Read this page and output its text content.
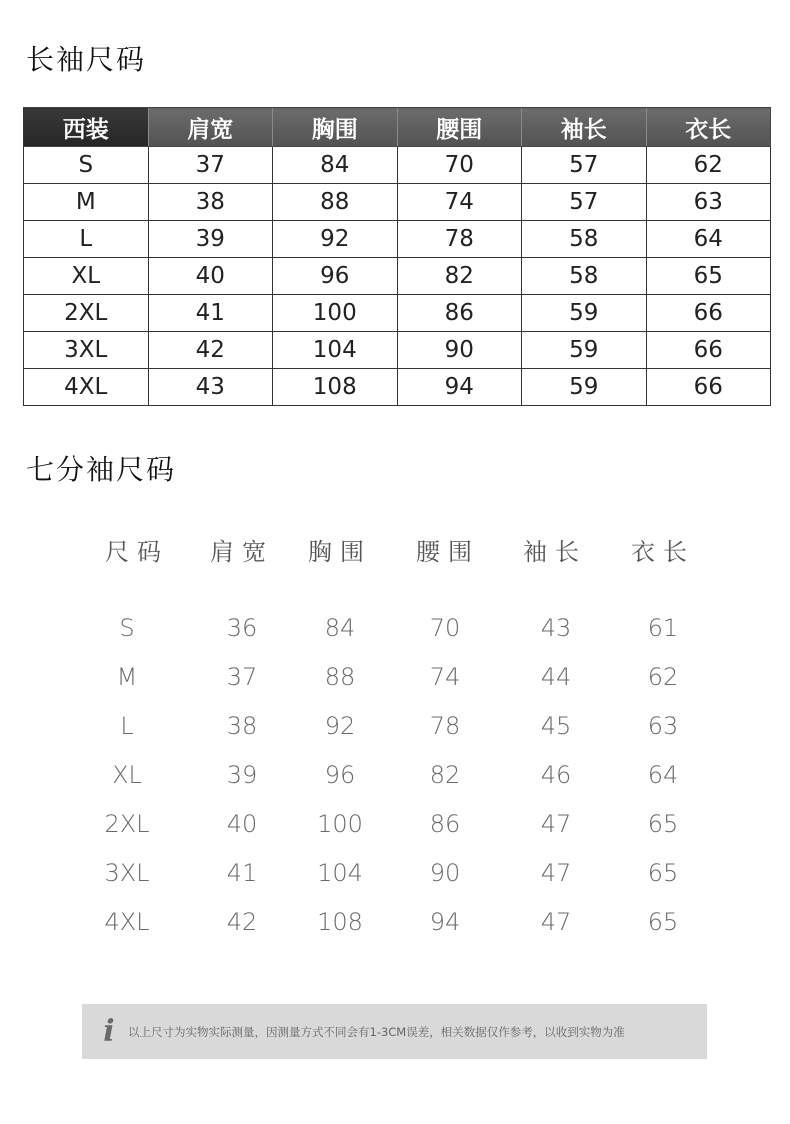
长袖尺码
西装	肩宽	胸围	腰围	袖长	衣长
S	37	84	70	57	62
M	38	88	74	57	63
L	39	92	78	58	64
XL	40	96	82	58	65
2XL	41	100	86	59	66
3XL	42	104	90	59	66
4XL	43	108	94	59	66
七分袖尺码
尺码	肩宽	胸围	腰围	袖长	衣长
S	36	84	70	43	61
M	37	88	74	44	62
L	38	92	78	45	63
XL	39	96	82	46	64
2XL	40	100	86	47	65
3XL	41	104	90	47	65
4XL	42	108	94	47	65
i	以上尺寸为实物实际测量，因测量方式不同会有1-3CM误差，相关数据仅作参考，以收到实物为准
